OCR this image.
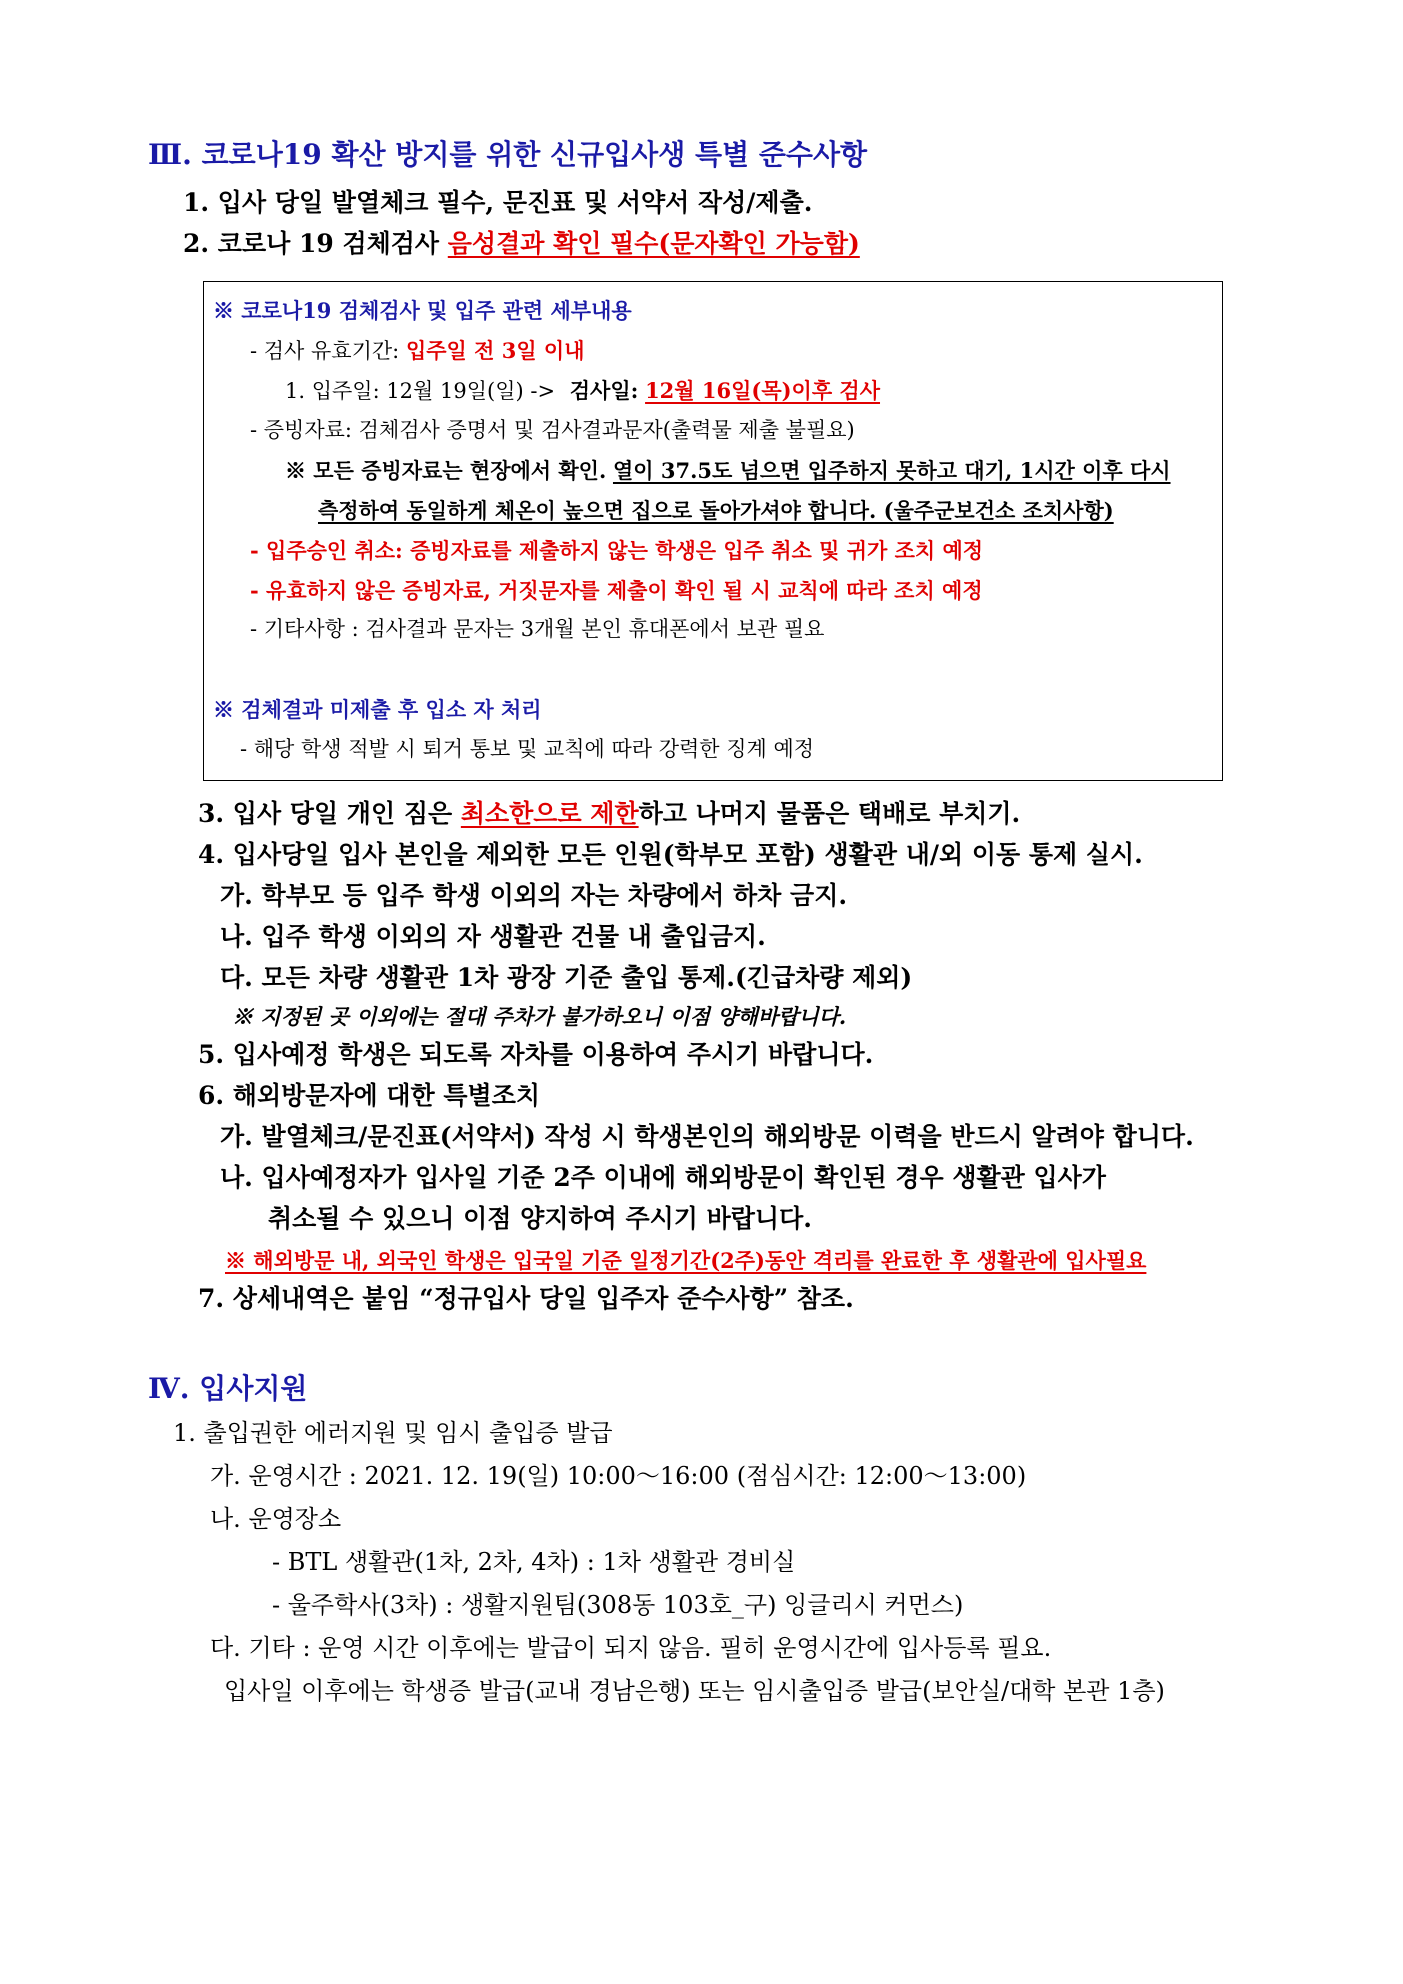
Ⅲ. 코로나19 확산 방지를 위한 신규입사생 특별 준수사항
1. 입사 당일 발열체크 필수, 문진표 및 서약서 작성/제출.
2. 코로나 19 검체검사 음성결과 확인 필수(문자확인 가능함)
※ 코로나19 검체검사 및 입주 관련 세부내용
- 검사 유효기간: 입주일 전 3일 이내
1. 입주일: 12월 19일(일) -> 검사일: 12월 16일(목)이후 검사
- 증빙자료: 검체검사 증명서 및 검사결과문자(출력물 제출 불필요)
※ 모든 증빙자료는 현장에서 확인. 열이 37.5도 넘으면 입주하지 못하고 대기, 1시간 이후 다시
측정하여 동일하게 체온이 높으면 집으로 돌아가셔야 합니다. (울주군보건소 조치사항)
- 입주승인 취소: 증빙자료를 제출하지 않는 학생은 입주 취소 및 귀가 조치 예정
- 유효하지 않은 증빙자료, 거짓문자를 제출이 확인 될 시 교칙에 따라 조치 예정
- 기타사항 : 검사결과 문자는 3개월 본인 휴대폰에서 보관 필요
※ 검체결과 미제출 후 입소 자 처리
- 해당 학생 적발 시 퇴거 통보 및 교칙에 따라 강력한 징계 예정
3. 입사 당일 개인 짐은 최소한으로 제한하고 나머지 물품은 택배로 부치기.
4. 입사당일 입사 본인을 제외한 모든 인원(학부모 포함) 생활관 내/외 이동 통제 실시.
가. 학부모 등 입주 학생 이외의 자는 차량에서 하차 금지.
나. 입주 학생 이외의 자 생활관 건물 내 출입금지.
다. 모든 차량 생활관 1차 광장 기준 출입 통제.(긴급차량 제외)
※ 지정된 곳 이외에는 절대 주차가 불가하오니 이점 양해바랍니다.
5. 입사예정 학생은 되도록 자차를 이용하여 주시기 바랍니다.
6. 해외방문자에 대한 특별조치
가. 발열체크/문진표(서약서) 작성 시 학생본인의 해외방문 이력을 반드시 알려야 합니다.
나. 입사예정자가 입사일 기준 2주 이내에 해외방문이 확인된 경우 생활관 입사가
취소될 수 있으니 이점 양지하여 주시기 바랍니다.
※ 해외방문 내, 외국인 학생은 입국일 기준 일정기간(2주)동안 격리를 완료한 후 생활관에 입사필요
7. 상세내역은 붙임 “정규입사 당일 입주자 준수사항” 참조.
Ⅳ. 입사지원
1. 출입권한 에러지원 및 임시 출입증 발급
가. 운영시간 : 2021. 12. 19(일) 10:00～16:00 (점심시간: 12:00～13:00)
나. 운영장소
- BTL 생활관(1차, 2차, 4차) : 1차 생활관 경비실
- 울주학사(3차) : 생활지원팀(308동 103호_구) 잉글리시 커먼스)
다. 기타 : 운영 시간 이후에는 발급이 되지 않음. 필히 운영시간에 입사등록 필요.
입사일 이후에는 학생증 발급(교내 경남은행) 또는 임시출입증 발급(보안실/대학 본관 1층)
